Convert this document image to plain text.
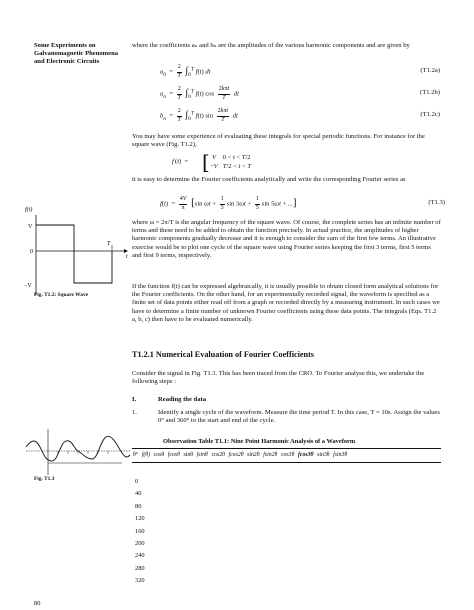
Some Experiments on Galvanomagnetic Phenomena and Electronic Circuits
f(t)
V
0
−V
T
t
Fig. T1.2: Square Wave
Fig. T1.3

where the coefficients aₙ and bₙ are the amplitudes of the various harmonic components and are given by

$a_0 = \frac{2}{T} \int_0^T$ f(t) dt	(T1.2a)
$a_n = \frac{2}{T} \int_0^T$ f(t) $\cos \frac{\text{2kπt}}{T}$ dt	(T1.2b)
$b_n = \frac{2}{T} \int_0^T$ f(t) $\sin \frac{\text{2kπt}}{T}$ dt	(T1.2c)

You may have some experience of evaluating these integrals for special periodic functions. For instance for the square wave (Fig. T1.2),

f (t)  = [ V    0 < t < T/2
−V T/2 < t < T

it is easy to determine the Fourier coefficients analytically and write the corresponding Fourier series as

$f(t) = \frac{4V}{\pi} [\sin$ $\omega t + \frac{1}{3}$ $\sin 3\omega t + \frac{1}{5}$ sin 5ωt + ...]	(T1.3)

where ω = 2π/T is the angular frequency of the square wave. Of course, the complete series has an infinite number of terms and these need to be added to obtain the function precisely. In actual practice, the amplitudes of higher harmonic components gradually decrease and it is enough to consider the sum of the first few terms. An illustrative exercise would be to plot one cycle of the square wave using Fourier series keeping the first 3 terms, first 5 terms and first 9 terms, respectively.

If the function f(t) can be expressed algebraically, it is usually possible to obtain closed form analytical solutions for the Fourier coefficients. On the other hand, for an experimentally recorded signal, the waveform is specified as a finite set of data points either read off from a graph or recorded directly by a measuring instrument. In such cases we have to determine a finite number of unknown Fourier coefficients using these data points. The integrals (Eqs. T1.2 a, b, c) then have to be evaluated numerically.

T1.2.1 Numerical Evaluation of Fourier Coefficients

Consider the signal in Fig. T1.3. This has been traced from the CRO. To Fourier analyse this, we undertake the following steps :

I.	Reading the data
1.	Identify a single cycle of the waveform. Measure the time period T. In this case, T = 10s. Assign the values 0° and 360° to the start and end of the cycle.

Observation Table T1.1: Nine Point Harmonic Analysis of a Waveform
θ°	f(θ)	cosθ	fcosθ	sinθ	fsinθ	cos2θ	fcos2θ	sin2θ	fsin2θ	cos3θ	fcos3θ	sin3θ	fsin3θ
0
40
80
120
160
200
240
280
320
80
